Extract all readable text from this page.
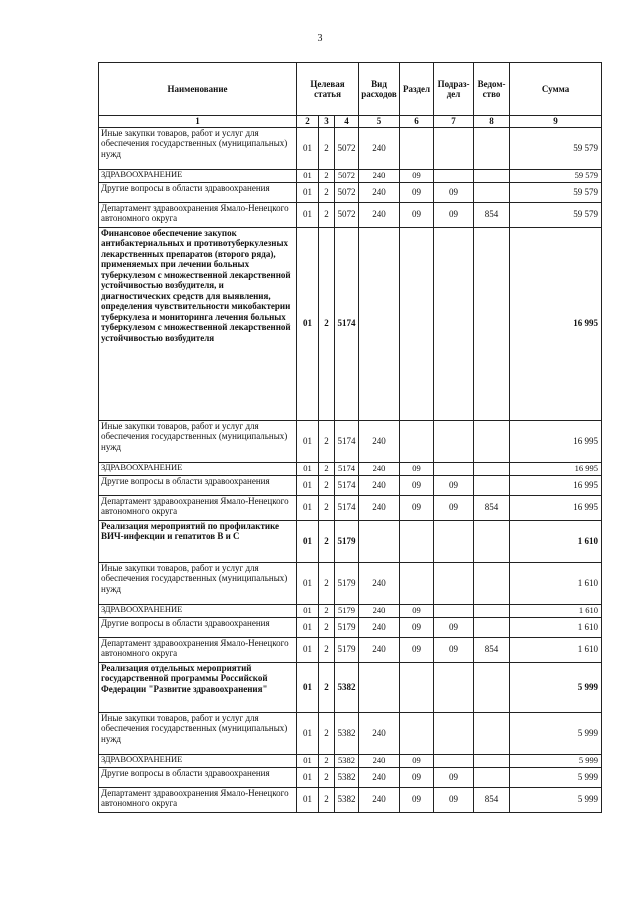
3
Наименование	Целевая статья			Вид расходов	Раздел	Подраз-дел	Ведом-ство	Сумма
1	2	3	4	5	6	7	8	9
Иные закупки товаров, работ и услуг для обеспечения государственных (муниципальных) нужд	01	2	5072	240				59 579
ЗДРАВООХРАНЕНИЕ	01	2	5072	240	09			59 579
Другие вопросы в области здравоохранения	01	2	5072	240	09	09		59 579
Департамент здравоохранения Ямало-Ненецкого автономного округа	01	2	5072	240	09	09	854	59 579
Финансовое обеспечение закупок антибактериальных и противотуберкулезных лекарственных препаратов (второго ряда), применяемых при лечении больных туберкулезом с множественной лекарственной устойчивостью возбудителя, и диагностических средств для выявления, определения чувствительности микобактерии туберкулеза и мониторинга лечения больных туберкулезом с множественной лекарственной устойчивостью возбудителя	01	2	5174					16 995
Иные закупки товаров, работ и услуг для обеспечения государственных (муниципальных) нужд	01	2	5174	240				16 995
ЗДРАВООХРАНЕНИЕ	01	2	5174	240	09			16 995
Другие вопросы в области здравоохранения	01	2	5174	240	09	09		16 995
Департамент здравоохранения Ямало-Ненецкого автономного округа	01	2	5174	240	09	09	854	16 995
Реализация мероприятий по профилактике ВИЧ-инфекции и гепатитов B и C	01	2	5179					1 610
Иные закупки товаров, работ и услуг для обеспечения государственных (муниципальных) нужд	01	2	5179	240				1 610
ЗДРАВООХРАНЕНИЕ	01	2	5179	240	09			1 610
Другие вопросы в области здравоохранения	01	2	5179	240	09	09		1 610
Департамент здравоохранения Ямало-Ненецкого автономного округа	01	2	5179	240	09	09	854	1 610
Реализация отдельных мероприятий государственной программы Российской Федерации "Развитие здравоохранения"	01	2	5382					5 999
Иные закупки товаров, работ и услуг для обеспечения государственных (муниципальных) нужд	01	2	5382	240				5 999
ЗДРАВООХРАНЕНИЕ	01	2	5382	240	09			5 999
Другие вопросы в области здравоохранения	01	2	5382	240	09	09		5 999
Департамент здравоохранения Ямало-Ненецкого автономного округа	01	2	5382	240	09	09	854	5 999
